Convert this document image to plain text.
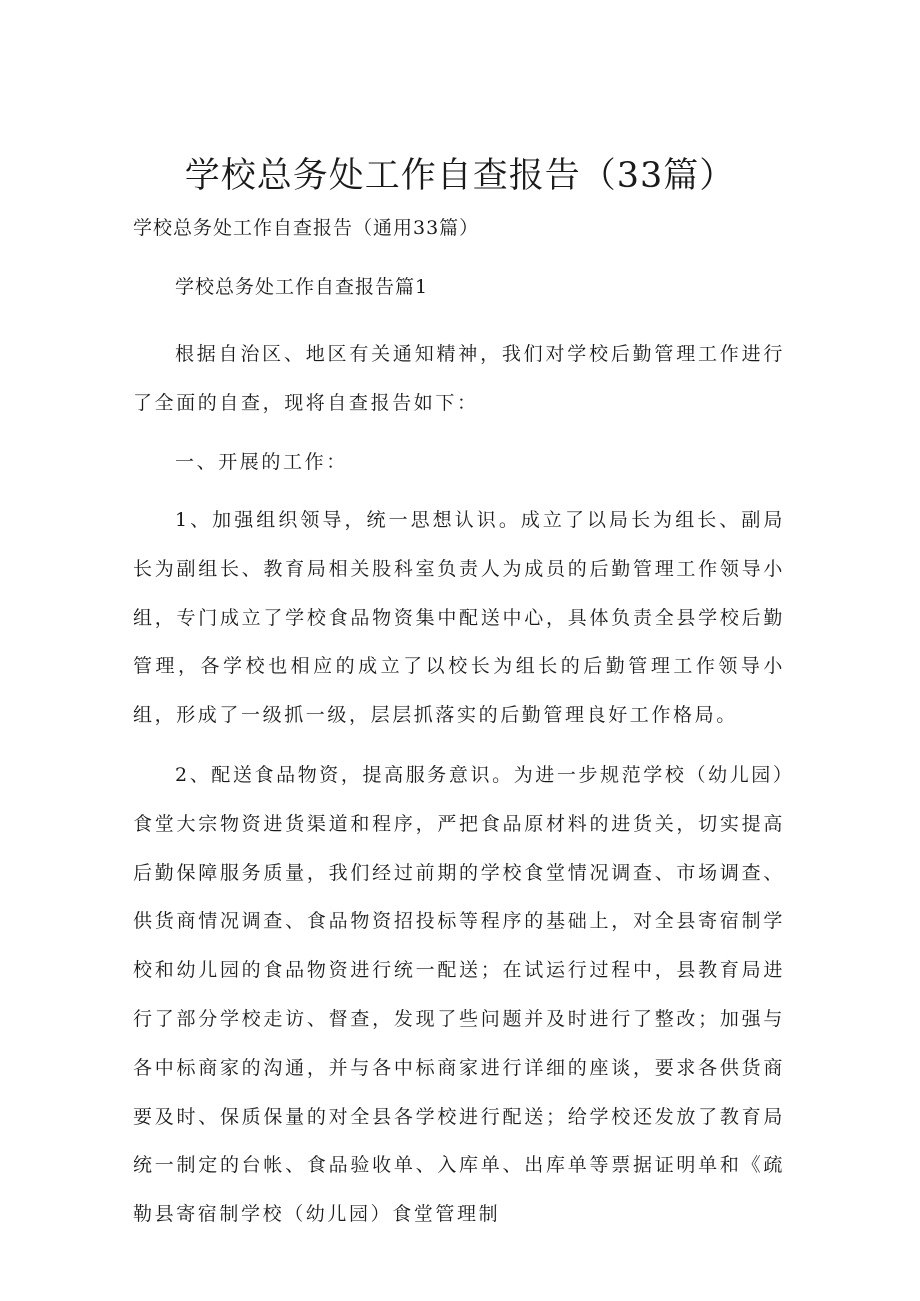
学校总务处工作自查报告（33篇）
学校总务处工作自查报告（通用33篇）
学校总务处工作自查报告篇1
根据自治区、地区有关通知精神，我们对学校后勤管理工作进行了全面的自查，现将自查报告如下：
一、开展的工作：
1、加强组织领导，统一思想认识。成立了以局长为组长、副局长为副组长、教育局相关股科室负责人为成员的后勤管理工作领导小组，专门成立了学校食品物资集中配送中心，具体负责全县学校后勤管理，各学校也相应的成立了以校长为组长的后勤管理工作领导小组，形成了一级抓一级，层层抓落实的后勤管理良好工作格局。
2、配送食品物资，提高服务意识。为进一步规范学校（幼儿园）食堂大宗物资进货渠道和程序，严把食品原材料的进货关，切实提高后勤保障服务质量，我们经过前期的学校食堂情况调查、市场调查、供货商情况调查、食品物资招投标等程序的基础上，对全县寄宿制学校和幼儿园的食品物资进行统一配送；在试运行过程中，县教育局进行了部分学校走访、督查，发现了些问题并及时进行了整改；加强与各中标商家的沟通，并与各中标商家进行详细的座谈，要求各供货商要及时、保质保量的对全县各学校进行配送；给学校还发放了教育局统一制定的台帐、食品验收单、入库单、出库单等票据证明单和《疏勒县寄宿制学校（幼儿园）食堂管理制
